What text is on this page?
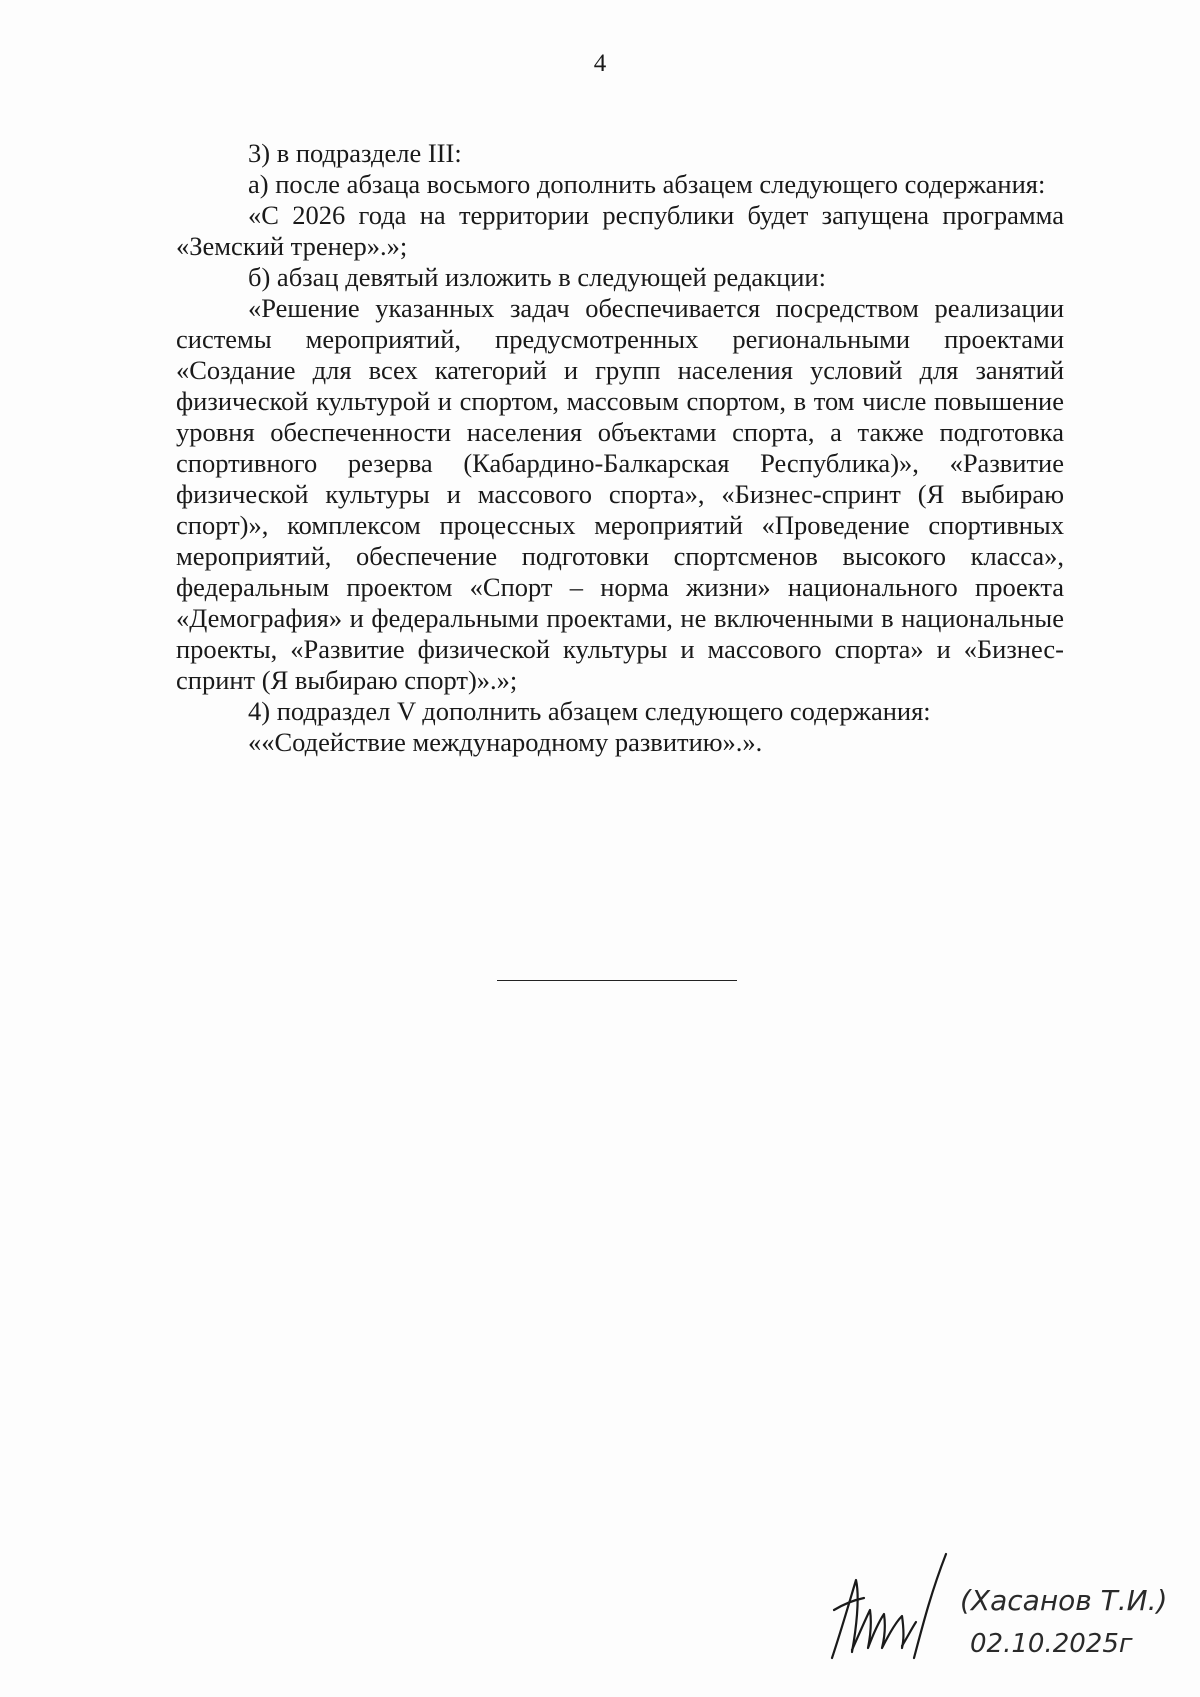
4

3) в подразделе III:

а) после абзаца восьмого дополнить абзацем следующего содержания:

«С 2026 года на территории республики будет запущена программа «Земский тренер».»;

б) абзац девятый изложить в следующей редакции:

«Решение указанных задач обеспечивается посредством реализации системы мероприятий, предусмотренных региональными проектами «Создание для всех категорий и групп населения условий для занятий физической культурой и спортом, массовым спортом, в том числе повышение уровня обеспеченности населения объектами спорта, а также подготовка спортивного резерва (Кабардино-Балкарская Республика)», «Развитие физической культуры и массового спорта», «Бизнес-спринт (Я выбираю спорт)», комплексом процессных мероприятий «Проведение спортивных мероприятий, обеспечение подготовки спортсменов высокого класса», федеральным проектом «Спорт – норма жизни» национального проекта «Демография» и федеральными проектами, не включенными в национальные проекты, «Развитие физической культуры и массового спорта» и «Бизнес-спринт (Я выбираю спорт)».»;

4) подраздел V дополнить абзацем следующего содержания:

««Содействие международному развитию».».

(Хасанов Т.И.)
02.10.2025г
